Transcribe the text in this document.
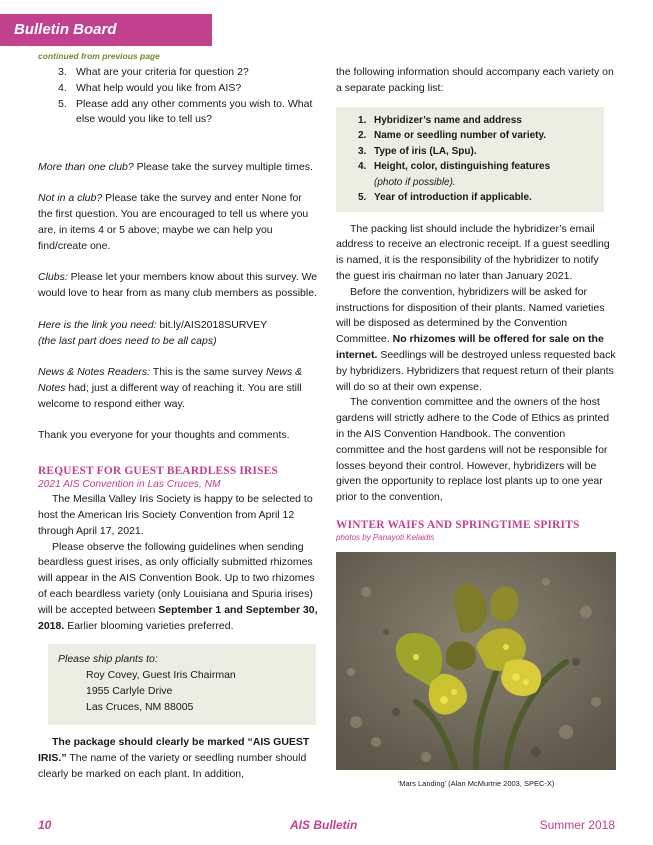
Bulletin Board
continued from previous page
3. What are your criteria for question 2?
4. What help would you like from AIS?
5. Please add any other comments you wish to. What else would you like to tell us?

More than one club? Please take the survey multiple times.

Not in a club? Please take the survey and enter None for the first question. You are encouraged to tell us where you are, in items 4 or 5 above; maybe we can help you find/create one.

Clubs: Please let your members know about this survey. We would love to hear from as many club members as possible.

Here is the link you need: bit.ly/AIS2018SURVEY

(the last part does need to be all caps)

News & Notes Readers: This is the same survey News & Notes had; just a different way of reaching it. You are still welcome to respond either way.

Thank you everyone for your thoughts and comments.

REQUEST FOR GUEST BEARDLESS IRISES
2021 AIS Convention in Las Cruces, NM

The Mesilla Valley Iris Society is happy to be selected to host the American Iris Society Convention from April 12 through April 17, 2021.

Please observe the following guidelines when sending beardless guest irises, as only officially submitted rhizomes will appear in the AIS Convention Book. Up to two rhizomes of each beardless variety (only Louisiana and Spuria irises) will be accepted between September 1 and September 30, 2018. Earlier blooming varieties preferred.

Please ship plants to:
Roy Covey, Guest Iris Chairman
1955 Carlyle Drive
Las Cruces, NM 88005

The package should clearly be marked “AIS GUEST IRIS.” The name of the variety or seedling number should clearly be marked on each plant. In addition,

the following information should accompany each variety on a separate packing list:

1. Hybridizer’s name and address
2. Name or seedling number of variety.
3. Type of iris (LA, Spu).
4. Height, color, distinguishing features
(photo if possible).
5. Year of introduction if applicable.

The packing list should include the hybridizer’s email address to receive an electronic receipt. If a guest seedling is named, it is the responsibility of the hybridizer to notify the guest iris chairman no later than January 2021.

Before the convention, hybridizers will be asked for instructions for disposition of their plants. Named varieties will be disposed as determined by the Convention Committee. No rhizomes will be offered for sale on the internet. Seedlings will be destroyed unless requested back by hybridizers. Hybridizers that request return of their plants will do so at their own expense.

The convention committee and the owners of the host gardens will strictly adhere to the Code of Ethics as printed in the AIS Convention Handbook. The convention committee and the host gardens will not be responsible for losses beyond their control. However, hybridizers will be given the opportunity to replace lost plants up to one year prior to the convention,

WINTER WAIFS AND SPRINGTIME SPIRITS
photos by Panayoti Kelaidis
‘Mars Landing’ (Alan McMurtrie 2003, SPEC-X)
10	AIS Bulletin	Summer 2018
